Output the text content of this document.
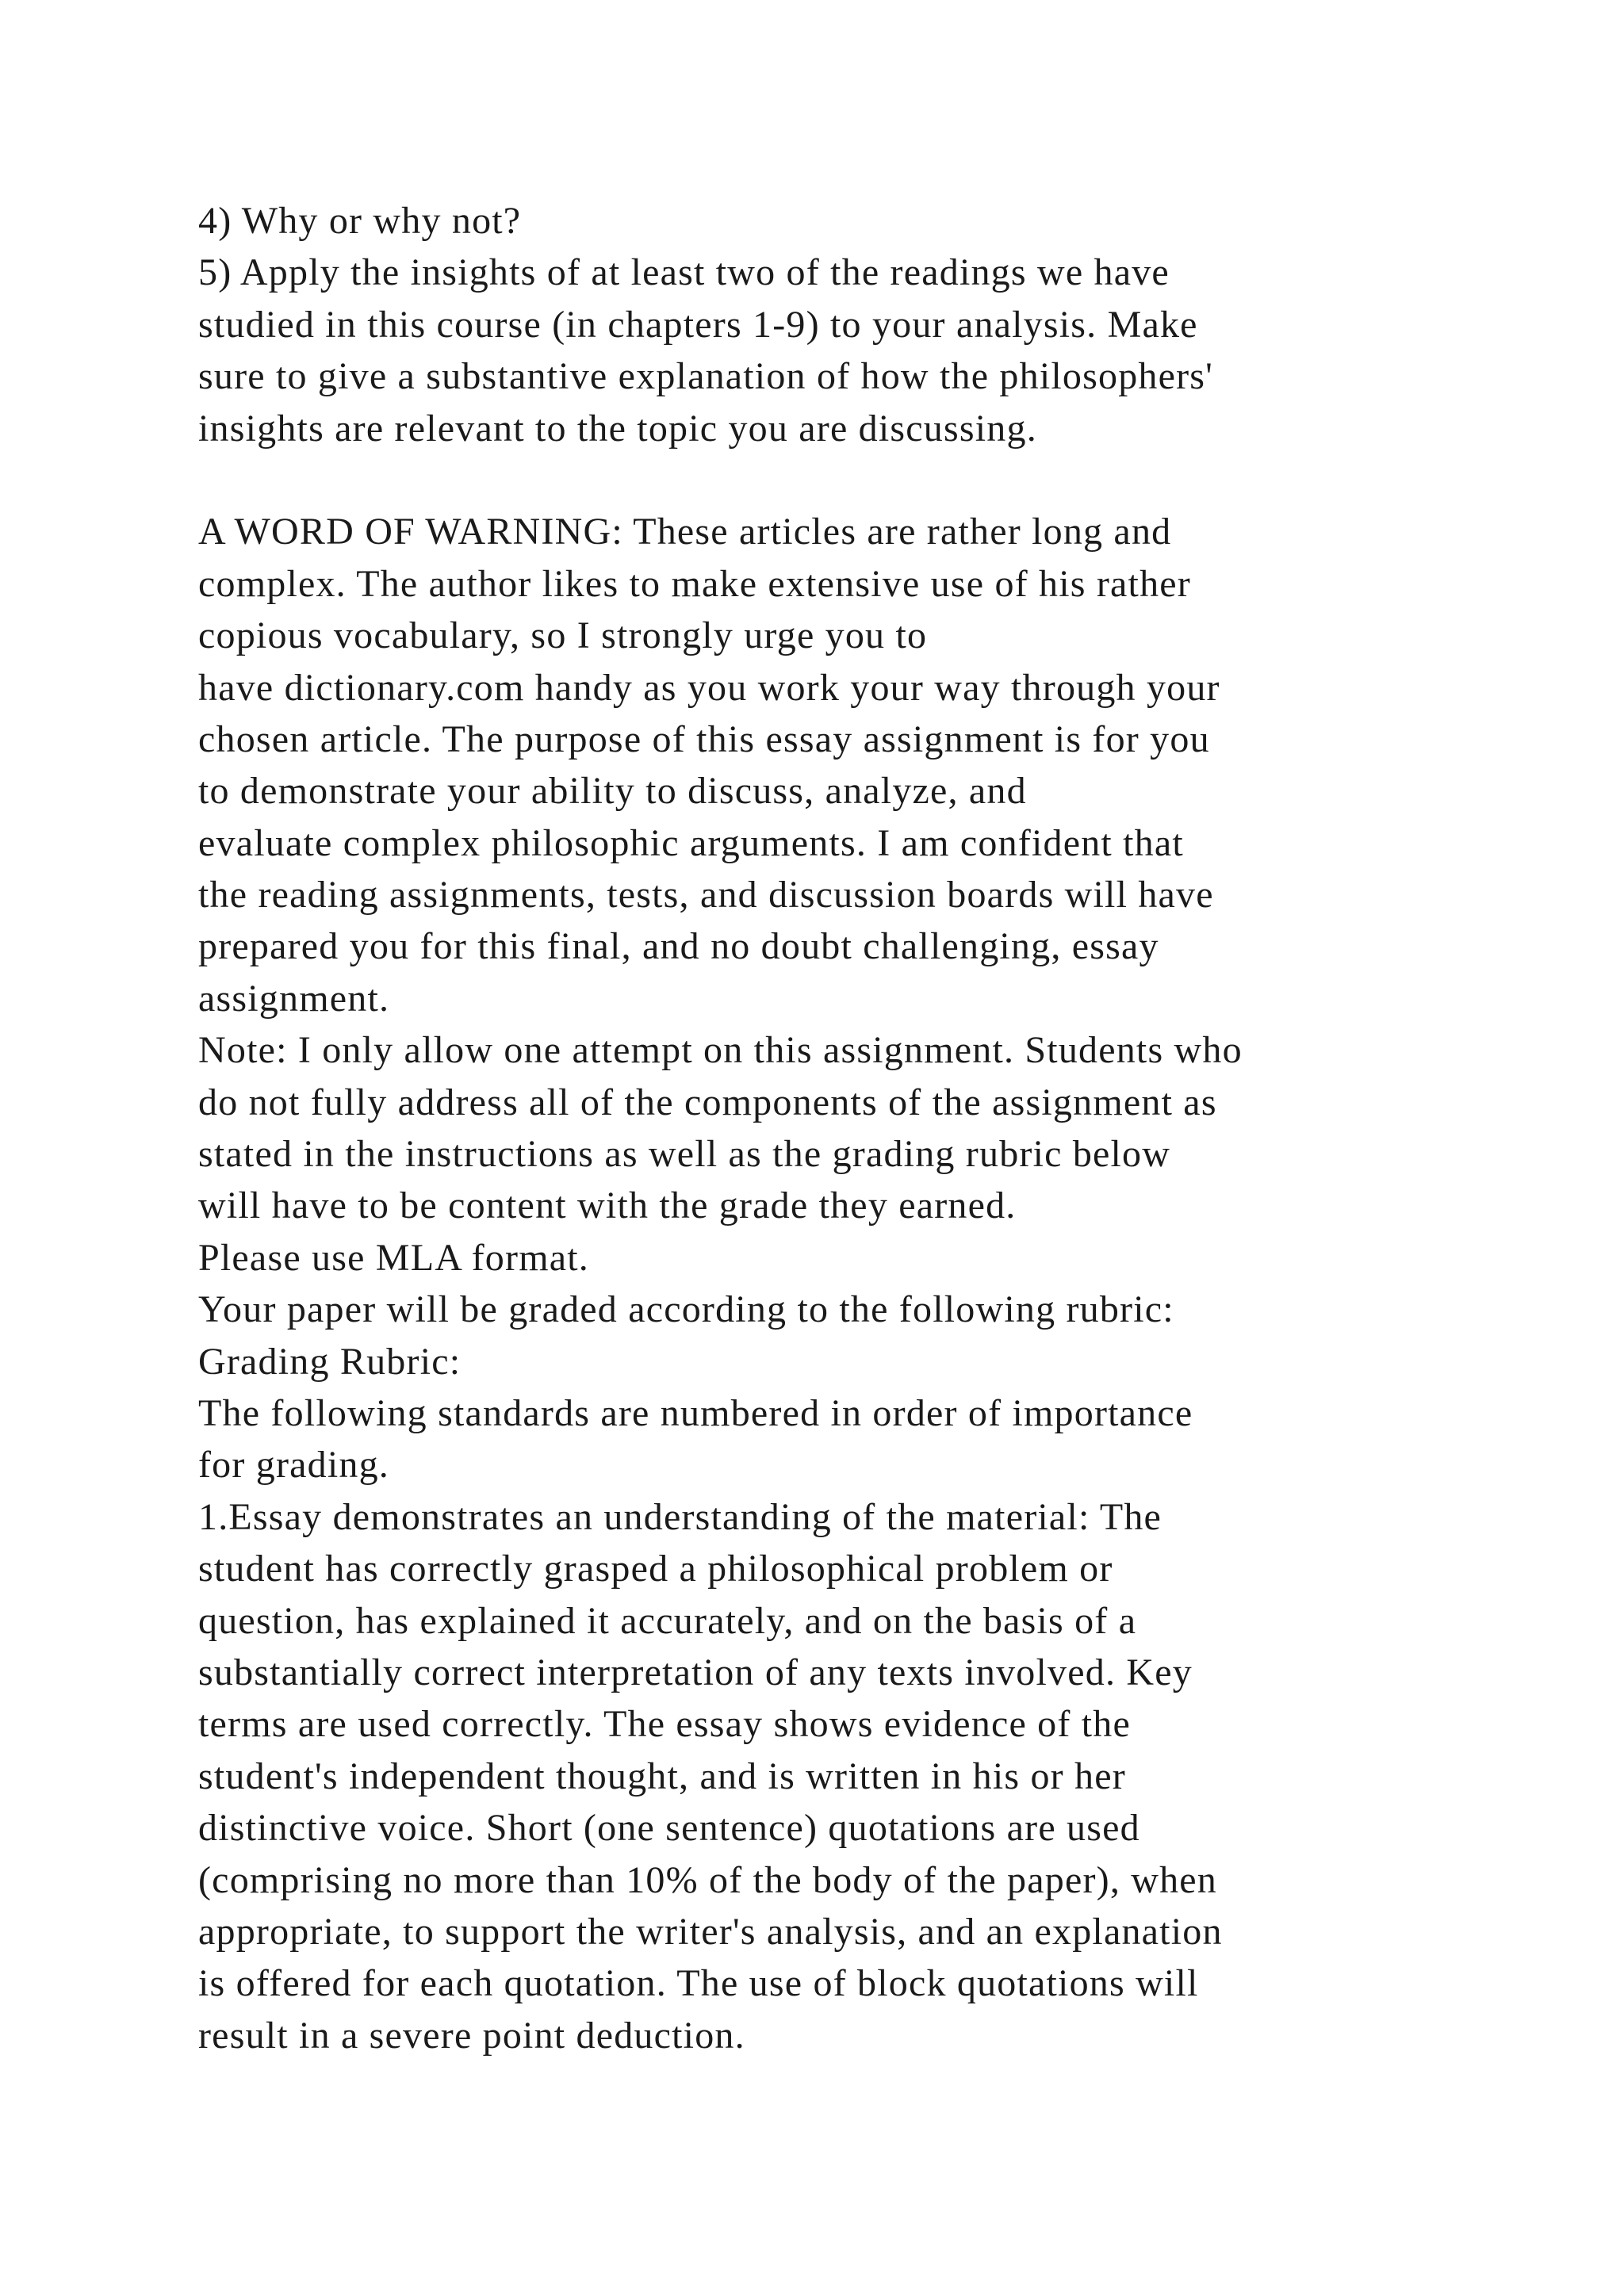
4) Why or why not?
5) Apply the insights of at least two of the readings we have
studied in this course (in chapters 1-9) to your analysis. Make
sure to give a substantive explanation of how the philosophers'
insights are relevant to the topic you are discussing.
A WORD OF WARNING: These articles are rather long and
complex. The author likes to make extensive use of his rather
copious vocabulary, so I strongly urge you to
have dictionary.com handy as you work your way through your
chosen article. The purpose of this essay assignment is for you
to demonstrate your ability to discuss, analyze, and
evaluate complex philosophic arguments. I am confident that
the reading assignments, tests, and discussion boards will have
prepared you for this final, and no doubt challenging, essay
assignment.
Note: I only allow one attempt on this assignment. Students who
do not fully address all of the components of the assignment as
stated in the instructions as well as the grading rubric below
will have to be content with the grade they earned.
Please use MLA format.
Your paper will be graded according to the following rubric:
Grading Rubric:
The following standards are numbered in order of importance
for grading.
1.Essay demonstrates an understanding of the material: The
student has correctly grasped a philosophical problem or
question, has explained it accurately, and on the basis of a
substantially correct interpretation of any texts involved. Key
terms are used correctly. The essay shows evidence of the
student's independent thought, and is written in his or her
distinctive voice. Short (one sentence) quotations are used
(comprising no more than 10% of the body of the paper), when
appropriate, to support the writer's analysis, and an explanation
is offered for each quotation. The use of block quotations will
result in a severe point deduction.
